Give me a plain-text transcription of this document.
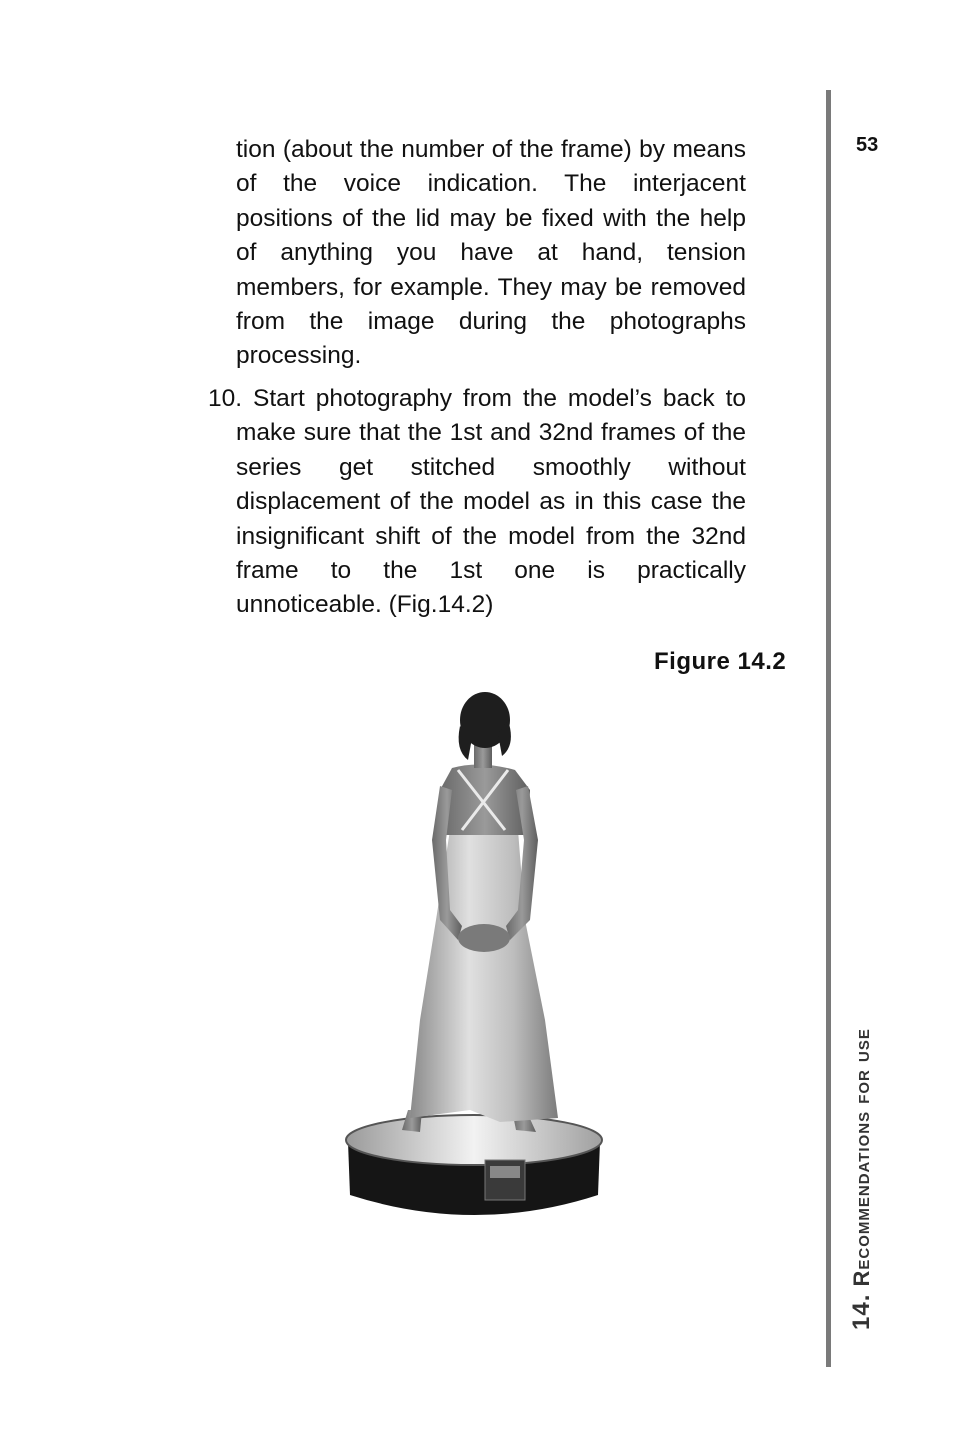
53
14. Recommendations for use
tion (about the number of the frame) by means of the voice indication. The interjacent positions of the lid may be fixed with the help of anything you have at hand, tension members, for example. They may be removed from the image during the photographs processing.
10. Start photography from the model’s back to make sure that the 1st and 32nd frames of the series get stitched smoothly without displacement of the model as in this case the insignificant shift of the model from the 32nd frame to the 1st one is practically unnoticeable. (Fig.14.2)
Figure 14.2
